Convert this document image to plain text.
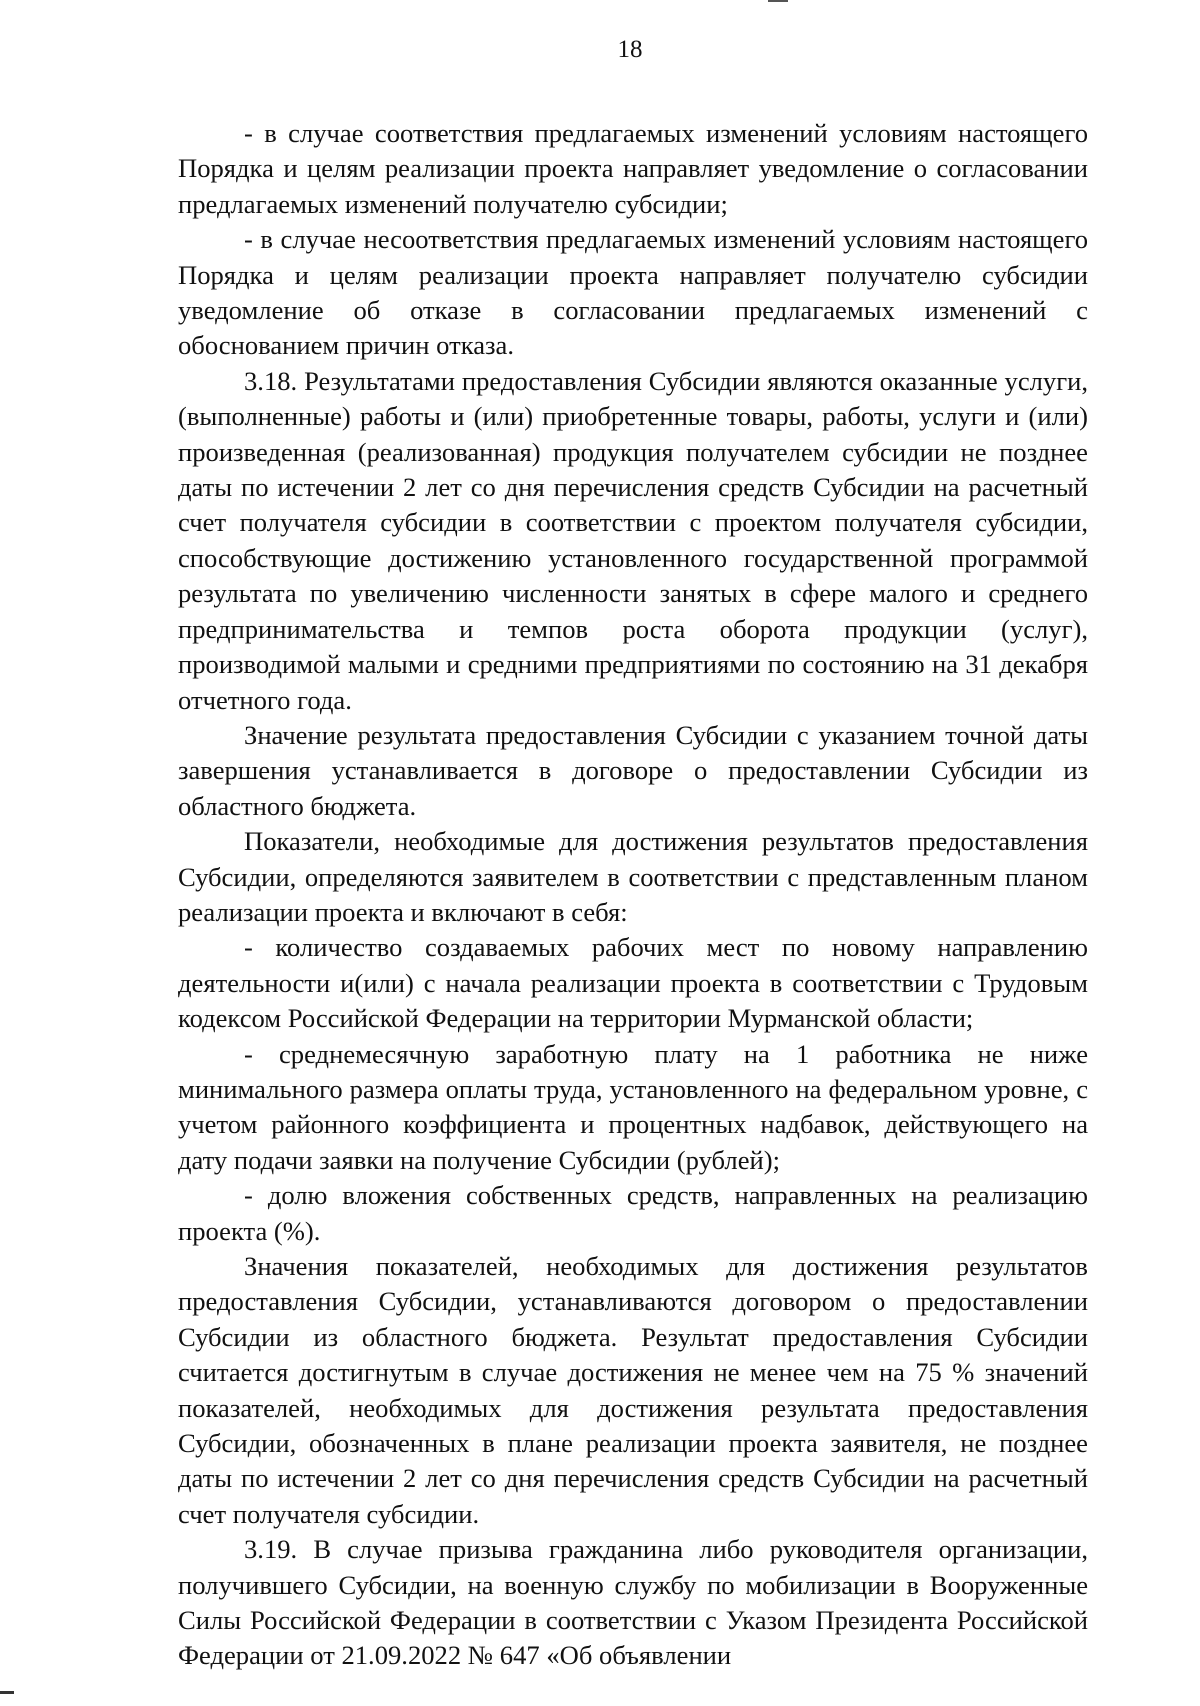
18

- в случае соответствия предлагаемых изменений условиям настоящего Порядка и целям реализации проекта направляет уведомление о согласовании предлагаемых изменений получателю субсидии;

- в случае несоответствия предлагаемых изменений условиям настоящего Порядка и целям реализации проекта направляет получателю субсидии уведомление об отказе в согласовании предлагаемых изменений с обоснованием причин отказа.

3.18. Результатами предоставления Субсидии являются оказанные услуги, (выполненные) работы и (или) приобретенные товары, работы, услуги и (или) произведенная (реализованная) продукция получателем субсидии не позднее даты по истечении 2 лет со дня перечисления средств Субсидии на расчетный счет получателя субсидии в соответствии с проектом получателя субсидии, способствующие достижению установленного государственной программой результата по увеличению численности занятых в сфере малого и среднего предпринимательства и темпов роста оборота продукции (услуг), производимой малыми и средними предприятиями по состоянию на 31 декабря отчетного года.

Значение результата предоставления Субсидии с указанием точной даты завершения устанавливается в договоре о предоставлении Субсидии из областного бюджета.

Показатели, необходимые для достижения результатов предоставления Субсидии, определяются заявителем в соответствии с представленным планом реализации проекта и включают в себя:

- количество создаваемых рабочих мест по новому направлению деятельности и(или) с начала реализации проекта в соответствии с Трудовым кодексом Российской Федерации на территории Мурманской области;

- среднемесячную заработную плату на 1 работника не ниже минимального размера оплаты труда, установленного на федеральном уровне, с учетом районного коэффициента и процентных надбавок, действующего на дату подачи заявки на получение Субсидии (рублей);

- долю вложения собственных средств, направленных на реализацию проекта (%).

Значения показателей, необходимых для достижения результатов предоставления Субсидии, устанавливаются договором о предоставлении Субсидии из областного бюджета. Результат предоставления Субсидии считается достигнутым в случае достижения не менее чем на 75 % значений показателей, необходимых для достижения результата предоставления Субсидии, обозначенных в плане реализации проекта заявителя, не позднее даты по истечении 2 лет со дня перечисления средств Субсидии на расчетный счет получателя субсидии.

3.19. В случае призыва гражданина либо руководителя организации, получившего Субсидии, на военную службу по мобилизации в Вооруженные Силы Российской Федерации в соответствии с Указом Президента Российской Федерации от 21.09.2022 № 647 «Об объявлении
